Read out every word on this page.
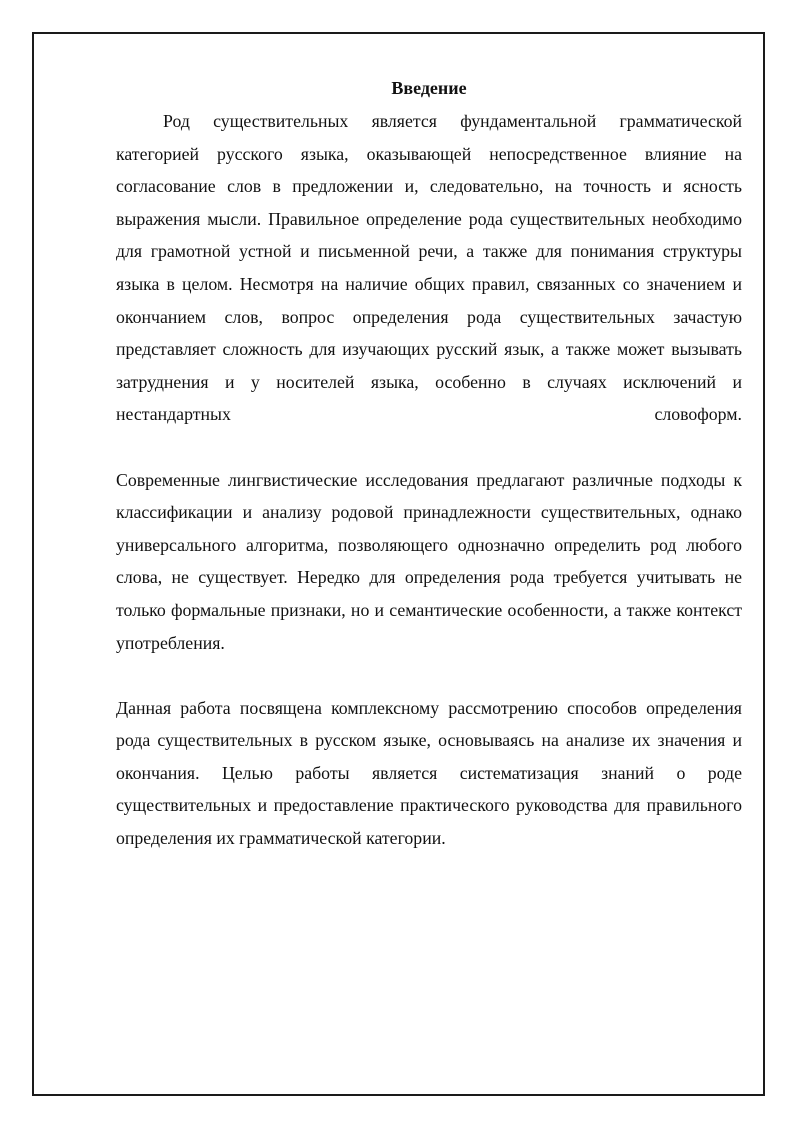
Введение

Род существительных является фундаментальной грамматической категорией русского языка, оказывающей непосредственное влияние на согласование слов в предложении и, следовательно, на точность и ясность выражения мысли. Правильное определение рода существительных необходимо для грамотной устной и письменной речи, а также для понимания структуры языка в целом. Несмотря на наличие общих правил, связанных со значением и окончанием слов, вопрос определения рода существительных зачастую представляет сложность для изучающих русский язык, а также может вызывать затруднения и у носителей языка, особенно в случаях исключений и нестандартных словоформ.

Современные лингвистические исследования предлагают различные подходы к классификации и анализу родовой принадлежности существительных, однако универсального алгоритма, позволяющего однозначно определить род любого слова, не существует. Нередко для определения рода требуется учитывать не только формальные признаки, но и семантические особенности, а также контекст употребления.

Данная работа посвящена комплексному рассмотрению способов определения рода существительных в русском языке, основываясь на анализе их значения и окончания. Целью работы является систематизация знаний о роде существительных и предоставление практического руководства для правильного определения их грамматической категории.
